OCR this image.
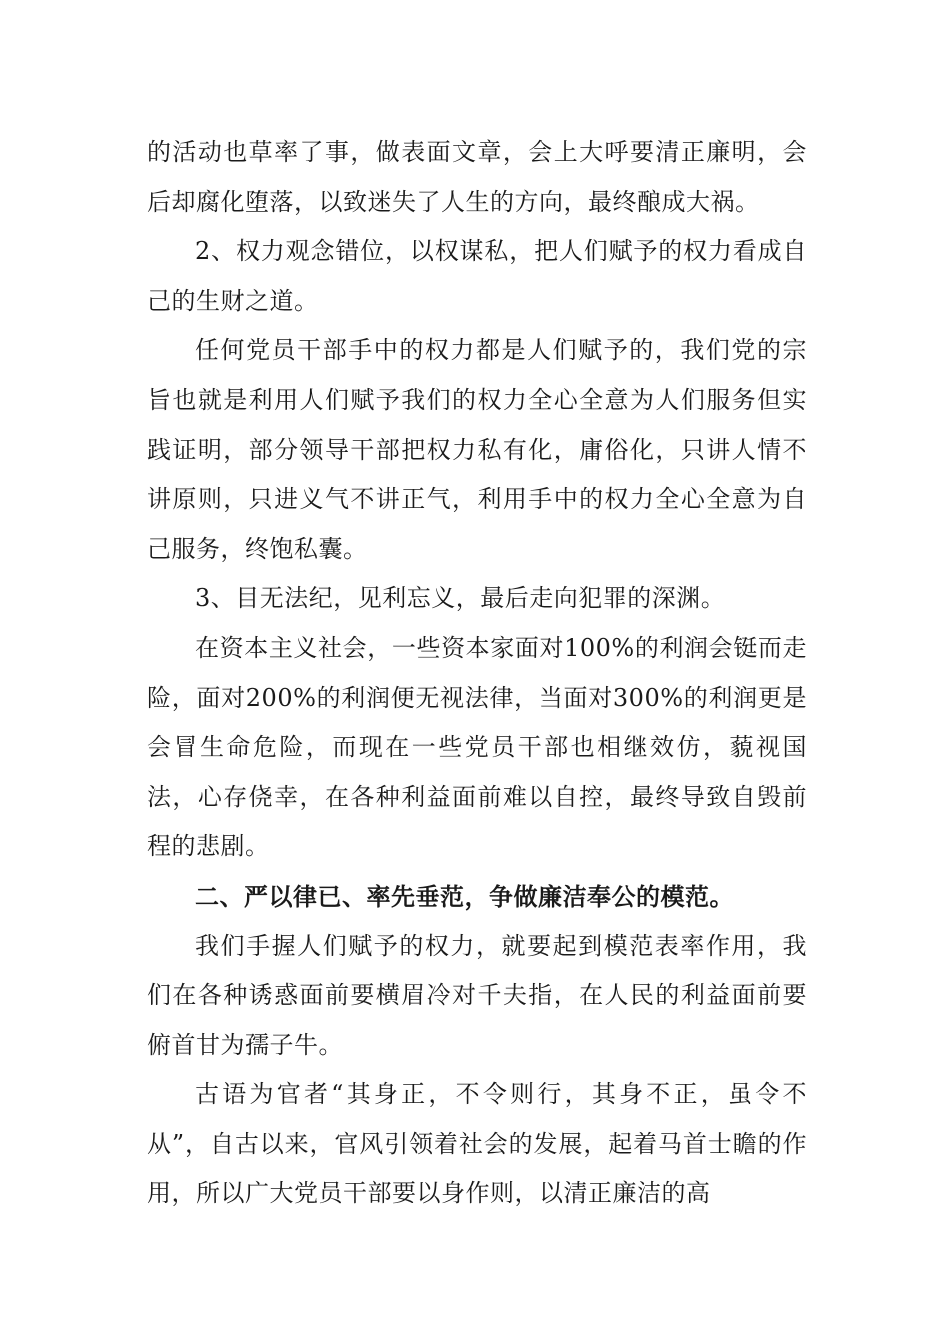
的活动也草率了事，做表面文章，会上大呼要清正廉明，会后却腐化堕落，以致迷失了人生的方向，最终酿成大祸。

2、权力观念错位，以权谋私，把人们赋予的权力看成自己的生财之道。

任何党员干部手中的权力都是人们赋予的，我们党的宗旨也就是利用人们赋予我们的权力全心全意为人们服务但实践证明，部分领导干部把权力私有化，庸俗化，只讲人情不讲原则，只进义气不讲正气，利用手中的权力全心全意为自己服务，终饱私囊。

3、目无法纪，见利忘义，最后走向犯罪的深渊。

在资本主义社会，一些资本家面对100%的利润会铤而走险，面对200%的利润便无视法律，当面对300%的利润更是会冒生命危险，而现在一些党员干部也相继效仿，藐视国法，心存侥幸，在各种利益面前难以自控，最终导致自毁前程的悲剧。

二、严以律已、率先垂范，争做廉洁奉公的模范。

我们手握人们赋予的权力，就要起到模范表率作用，我们在各种诱惑面前要横眉冷对千夫指，在人民的利益面前要俯首甘为孺子牛。

古语为官者“其身正，不令则行，其身不正，虽令不从”，自古以来，官风引领着社会的发展，起着马首士瞻的作用，所以广大党员干部要以身作则，以清正廉洁的高
